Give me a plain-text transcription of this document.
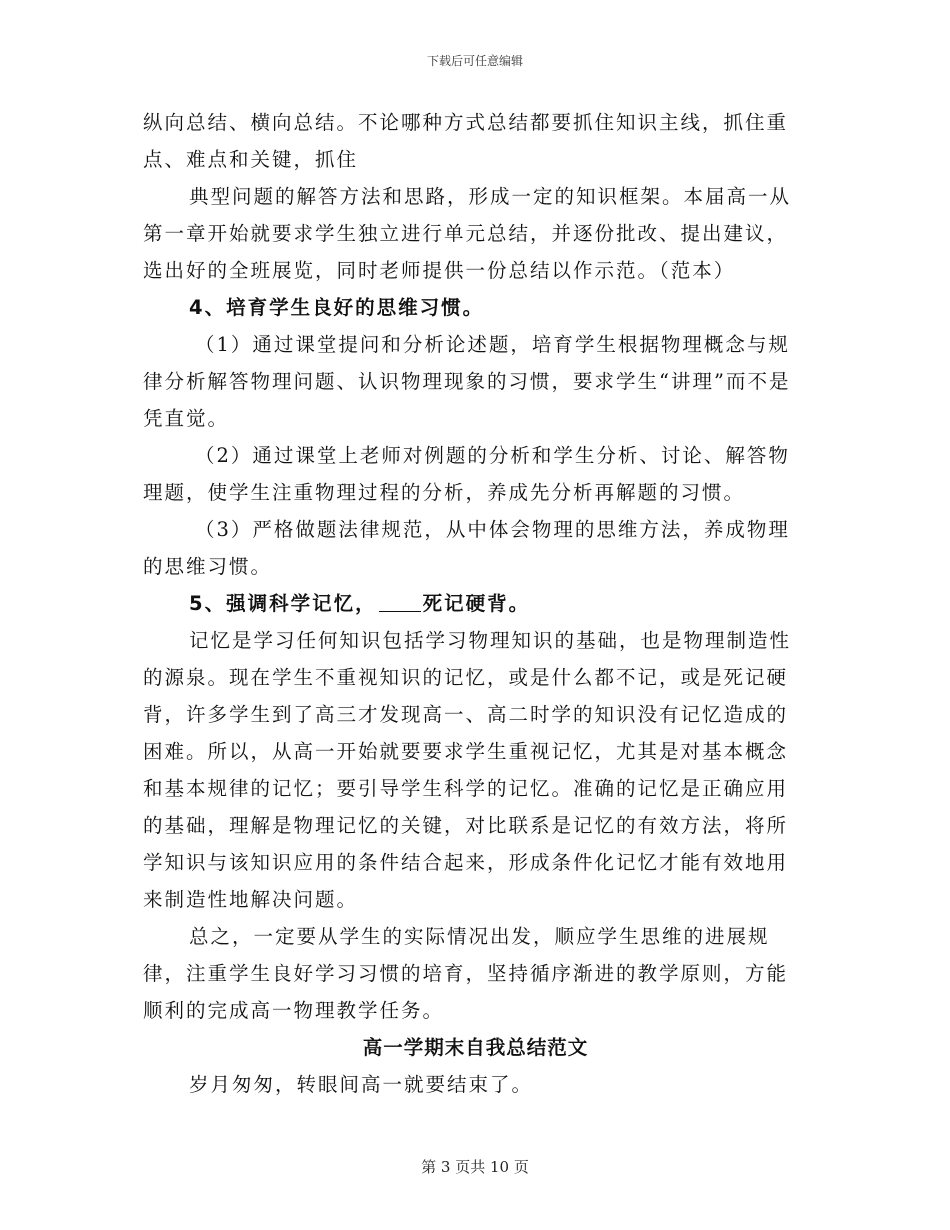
下载后可任意编辑

纵向总结、横向总结。不论哪种方式总结都要抓住知识主线，抓住重

点、难点和关键，抓住

典型问题的解答方法和思路，形成一定的知识框架。本届高一从第一章开始就要求学生独立进行单元总结，并逐份批改、提出建议，选出好的全班展览，同时老师提供一份总结以作示范。（范本）

4、培育学生良好的思维习惯。

（1）通过课堂提问和分析论述题，培育学生根据物理概念与规律分析解答物理问题、认识物理现象的习惯，要求学生“讲理”而不是凭直觉。

（2）通过课堂上老师对例题的分析和学生分析、讨论、解答物理题，使学生注重物理过程的分析，养成先分析再解题的习惯。

（3）严格做题法律规范，从中体会物理的思维方法，养成物理的思维习惯。

5、强调科学记忆， 死记硬背。

记忆是学习任何知识包括学习物理知识的基础，也是物理制造性的源泉。现在学生不重视知识的记忆，或是什么都不记，或是死记硬背，许多学生到了高三才发现高一、高二时学的知识没有记忆造成的困难。所以，从高一开始就要要求学生重视记忆，尤其是对基本概念和基本规律的记忆；要引导学生科学的记忆。准确的记忆是正确应用的基础，理解是物理记忆的关键，对比联系是记忆的有效方法，将所学知识与该知识应用的条件结合起来，形成条件化记忆才能有效地用来制造性地解决问题。

总之，一定要从学生的实际情况出发，顺应学生思维的进展规律，注重学生良好学习习惯的培育，坚持循序渐进的教学原则，方能顺利的完成高一物理教学任务。

高一学期末自我总结范文

岁月匆匆，转眼间高一就要结束了。

第 3 页共 10 页
